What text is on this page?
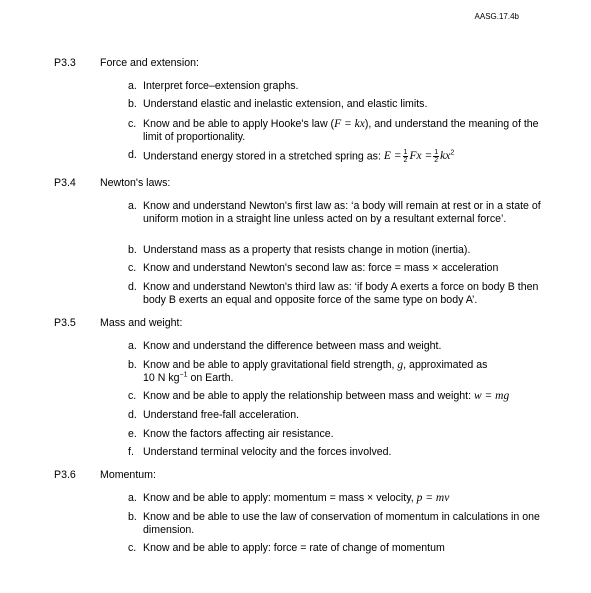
AASG.17.4b
P3.3 Force and extension:
a. Interpret force–extension graphs.
b. Understand elastic and inelastic extension, and elastic limits.
c. Know and be able to apply Hooke's law (F = kx), and understand the meaning of the limit of proportionality.
d. Understand energy stored in a stretched spring as: $E = \frac{1}{2}$ $Fx = \frac{1}{2} kx^2$
P3.4 Newton's laws:
a. Know and understand Newton's first law as: ‘a body will remain at rest or in a state of uniform motion in a straight line unless acted on by a resultant external force’.
b. Understand mass as a property that resists change in motion (inertia).
c. Know and understand Newton's second law as: force = mass × acceleration
d. Know and understand Newton's third law as: ‘if body A exerts a force on body B then body B exerts an equal and opposite force of the same type on body A’.
P3.5 Mass and weight:
a. Know and understand the difference between mass and weight.
b. Know and be able to apply gravitational field strength, g, approximated as
10 N $kg^{-1}$ on Earth.
c. Know and be able to apply the relationship between mass and weight: w = mg
d. Understand free-fall acceleration.
e. Know the factors affecting air resistance.
f. Understand terminal velocity and the forces involved.
P3.6 Momentum:
a. Know and be able to apply: momentum = mass × velocity, p = mv
b. Know and be able to use the law of conservation of momentum in calculations in one dimension.
c. Know and be able to apply: force = rate of change of momentum
